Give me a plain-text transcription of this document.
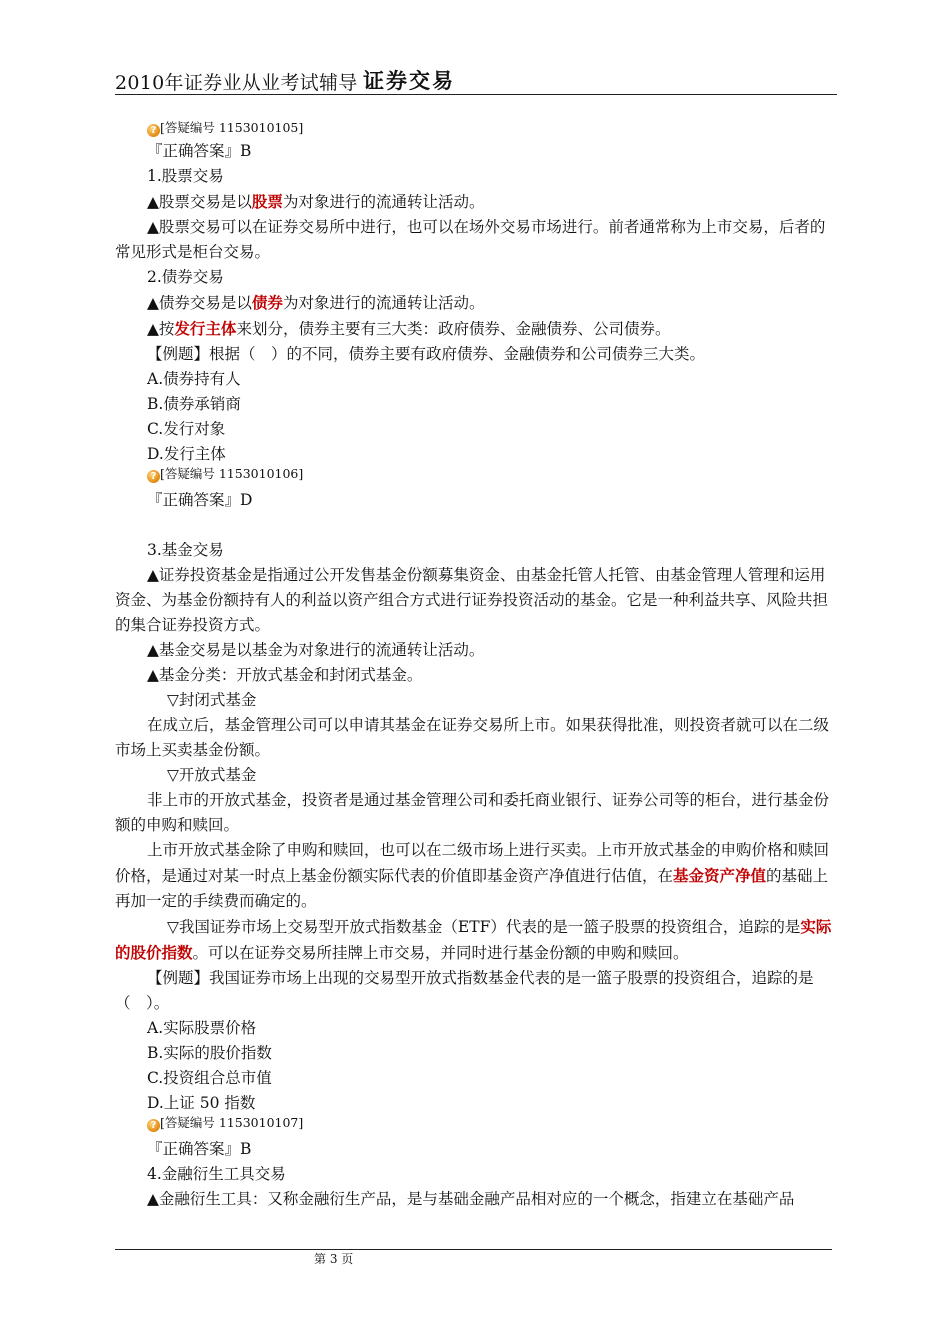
2010年证券业从业考试辅导 证券交易
? [答疑编号 1153010105]

『正确答案』B

1.股票交易

▲股票交易是以股票为对象进行的流通转让活动。

▲股票交易可以在证券交易所中进行，也可以在场外交易市场进行。前者通常称为上市交易，后者的常见形式是柜台交易。

2.债券交易

▲债券交易是以债券为对象进行的流通转让活动。

▲按发行主体来划分，债券主要有三大类：政府债券、金融债券、公司债券。

【例题】根据（　）的不同，债券主要有政府债券、金融债券和公司债券三大类。

A.债券持有人

B.债券承销商

C.发行对象

D.发行主体

? [答疑编号 1153010106]

『正确答案』D

3.基金交易

▲证券投资基金是指通过公开发售基金份额募集资金、由基金托管人托管、由基金管理人管理和运用资金、为基金份额持有人的利益以资产组合方式进行证券投资活动的基金。它是一种利益共享、风险共担的集合证券投资方式。

▲基金交易是以基金为对象进行的流通转让活动。

▲基金分类：开放式基金和封闭式基金。

▽封闭式基金

在成立后，基金管理公司可以申请其基金在证券交易所上市。如果获得批准，则投资者就可以在二级市场上买卖基金份额。

▽开放式基金

非上市的开放式基金，投资者是通过基金管理公司和委托商业银行、证券公司等的柜台，进行基金份额的申购和赎回。

上市开放式基金除了申购和赎回，也可以在二级市场上进行买卖。上市开放式基金的申购价格和赎回价格，是通过对某一时点上基金份额实际代表的价值即基金资产净值进行估值，在基金资产净值的基础上再加一定的手续费而确定的。

▽我国证券市场上交易型开放式指数基金（ETF）代表的是一篮子股票的投资组合，追踪的是实际的股价指数。可以在证券交易所挂牌上市交易，并同时进行基金份额的申购和赎回。

【例题】我国证券市场上出现的交易型开放式指数基金代表的是一篮子股票的投资组合，追踪的是（　）。

A.实际股票价格

B.实际的股价指数

C.投资组合总市值

D.上证 50 指数

? [答疑编号 1153010107]

『正确答案』B

4.金融衍生工具交易

▲金融衍生工具：又称金融衍生产品，是与基础金融产品相对应的一个概念，指建立在基础产品

第 3 页
